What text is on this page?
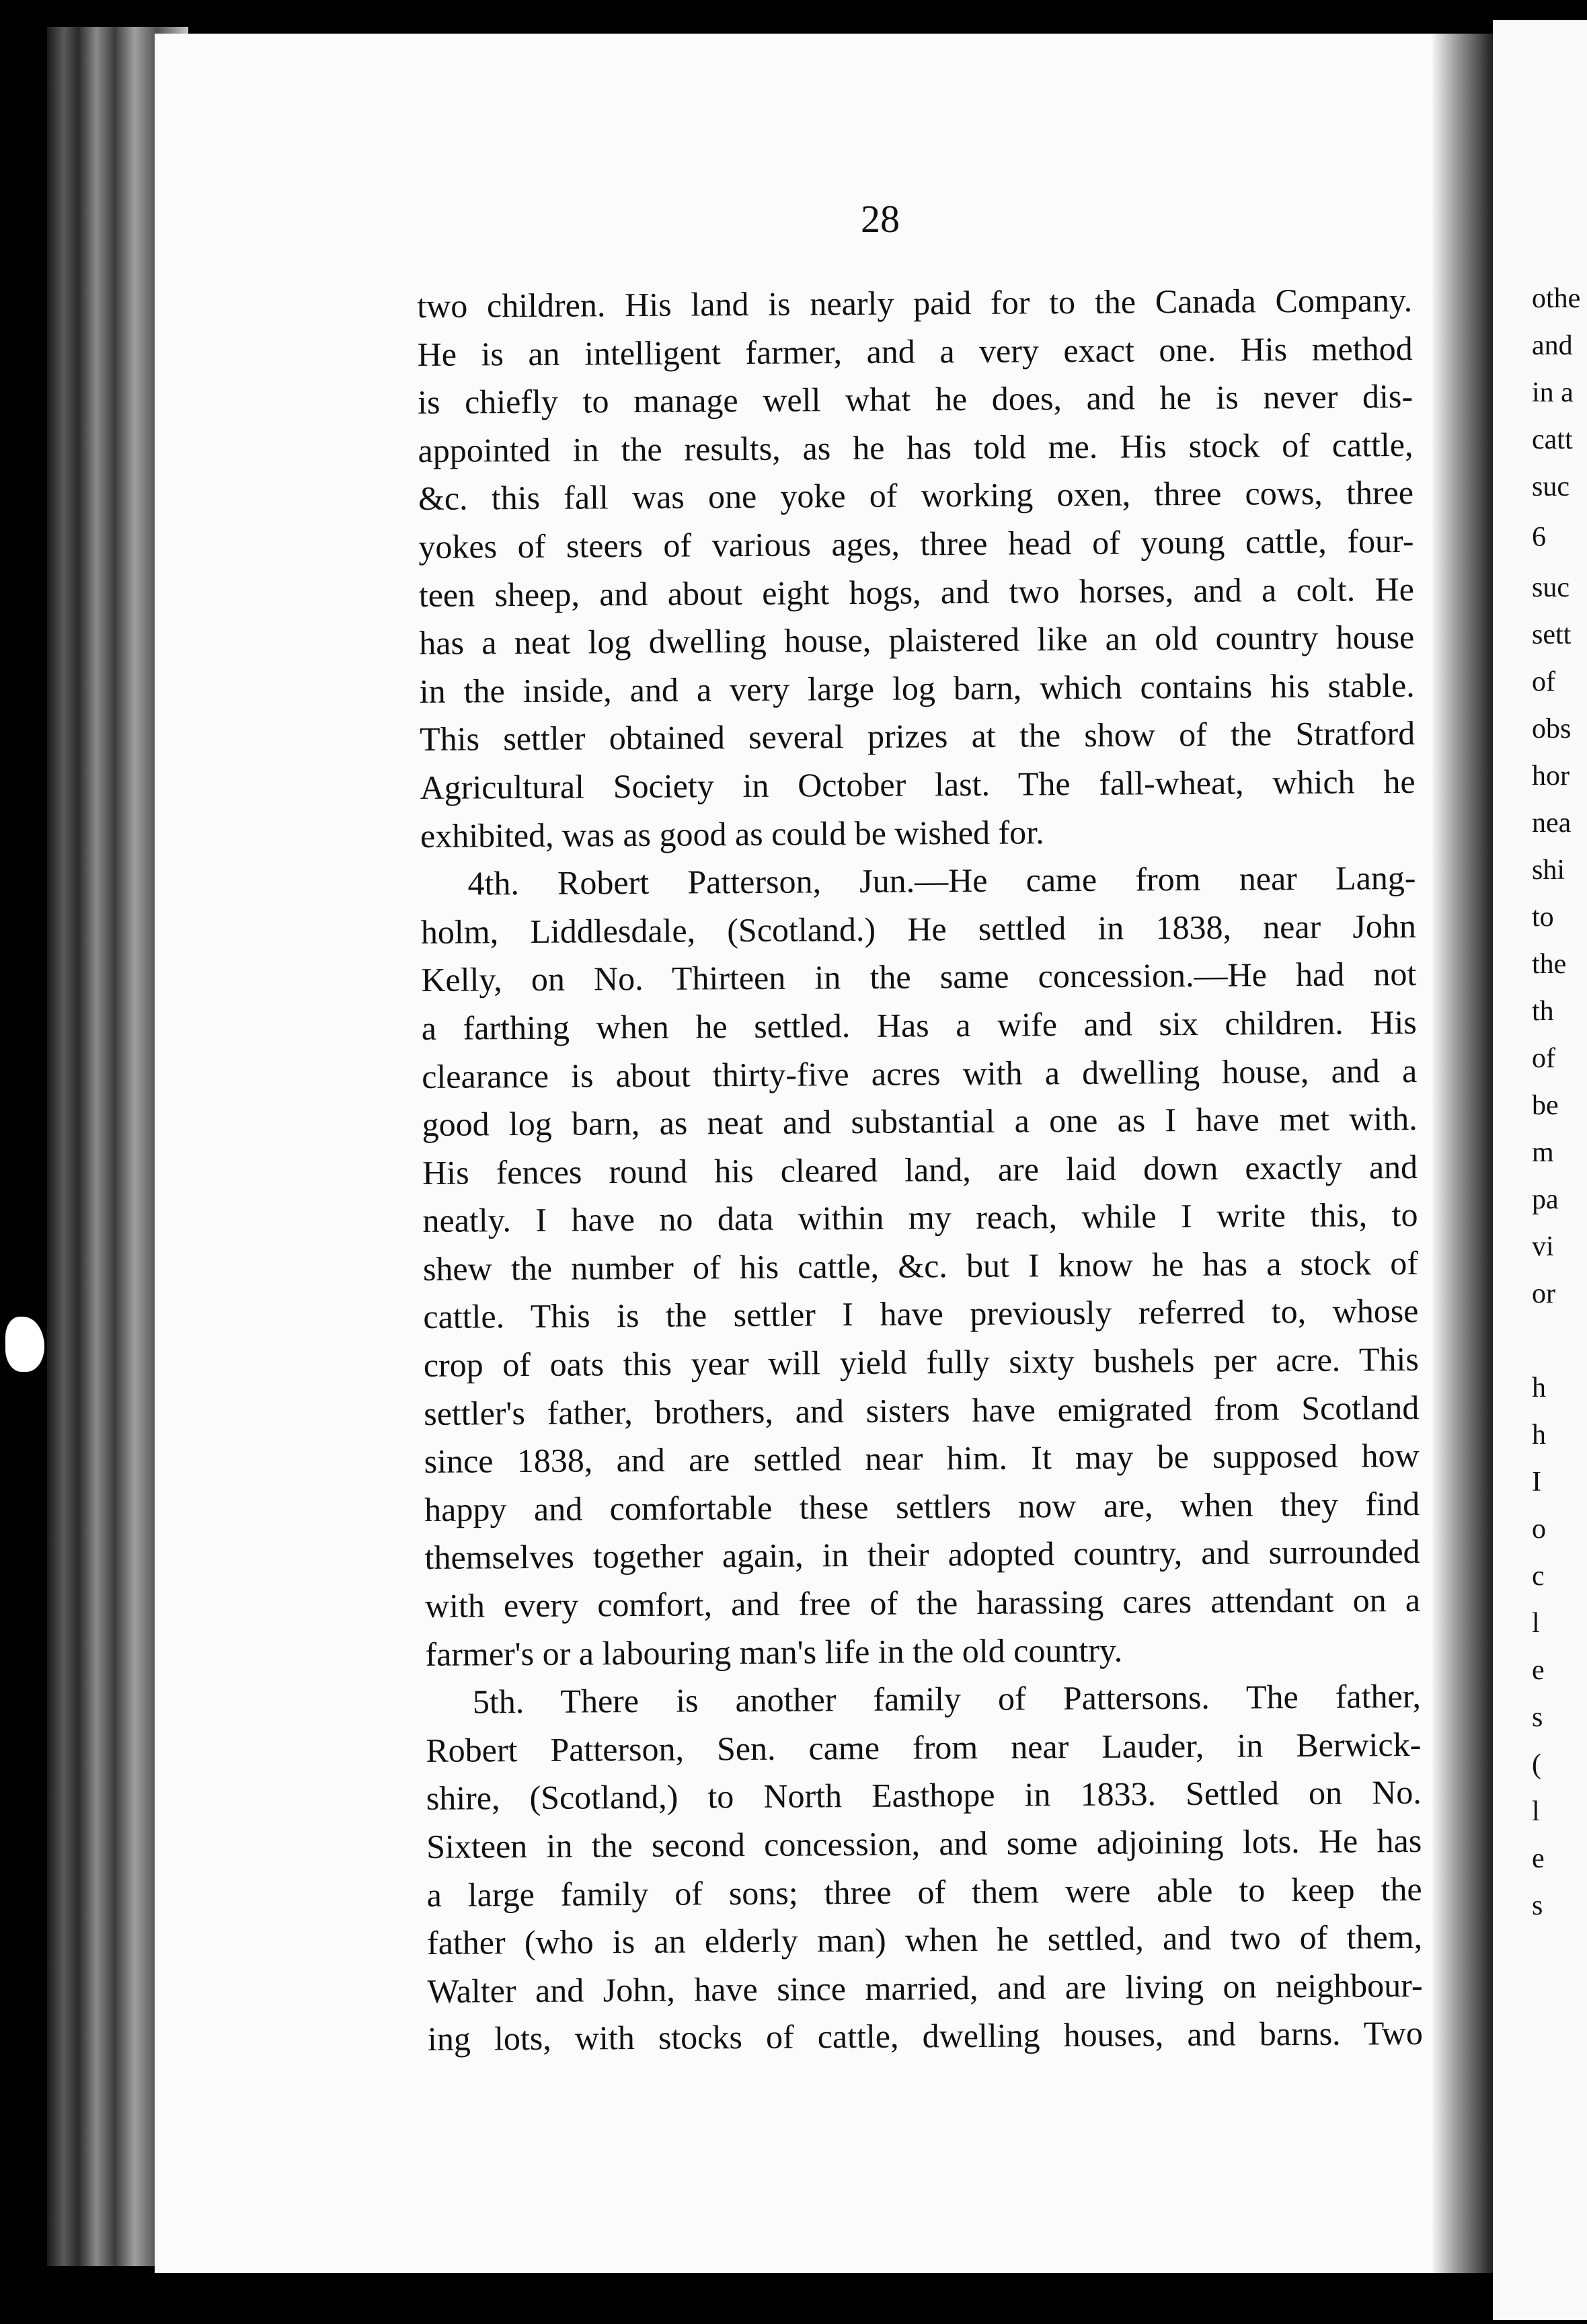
othe
and
in a
catt
suc
6
suc
sett
of
obs
hor
nea
shi
to
the
th
of
be
m
pa
vi
or
h
h
I
o
c
l
e
s
(
l
e
s
28
two children. His land is nearly paid for to the Canada Company.
He is an intelligent farmer, and a very exact one. His method
is chiefly to manage well what he does, and he is never dis-
appointed in the results, as he has told me. His stock of cattle,
&c. this fall was one yoke of working oxen, three cows, three
yokes of steers of various ages, three head of young cattle, four-
teen sheep, and about eight hogs, and two horses, and a colt. He
has a neat log dwelling house, plaistered like an old country house
in the inside, and a very large log barn, which contains his stable.
This settler obtained several prizes at the show of the Stratford
Agricultural Society in October last. The fall-wheat, which he
exhibited, was as good as could be wished for.
4th. Robert Patterson, Jun.—He came from near Lang-
holm, Liddlesdale, (Scotland.) He settled in 1838, near John
Kelly, on No. Thirteen in the same concession.—He had not
a farthing when he settled. Has a wife and six children. His
clearance is about thirty-five acres with a dwelling house, and a
good log barn, as neat and substantial a one as I have met with.
His fences round his cleared land, are laid down exactly and
neatly. I have no data within my reach, while I write this, to
shew the number of his cattle, &c. but I know he has a stock of
cattle. This is the settler I have previously referred to, whose
crop of oats this year will yield fully sixty bushels per acre. This
settler's father, brothers, and sisters have emigrated from Scotland
since 1838, and are settled near him. It may be supposed how
happy and comfortable these settlers now are, when they find
themselves together again, in their adopted country, and surrounded
with every comfort, and free of the harassing cares attendant on a
farmer's or a labouring man's life in the old country.
5th. There is another family of Pattersons. The father,
Robert Patterson, Sen. came from near Lauder, in Berwick-
shire, (Scotland,) to North Easthope in 1833. Settled on No.
Sixteen in the second concession, and some adjoining lots. He has
a large family of sons; three of them were able to keep the
father (who is an elderly man) when he settled, and two of them,
Walter and John, have since married, and are living on neighbour-
ing lots, with stocks of cattle, dwelling houses, and barns. Two
